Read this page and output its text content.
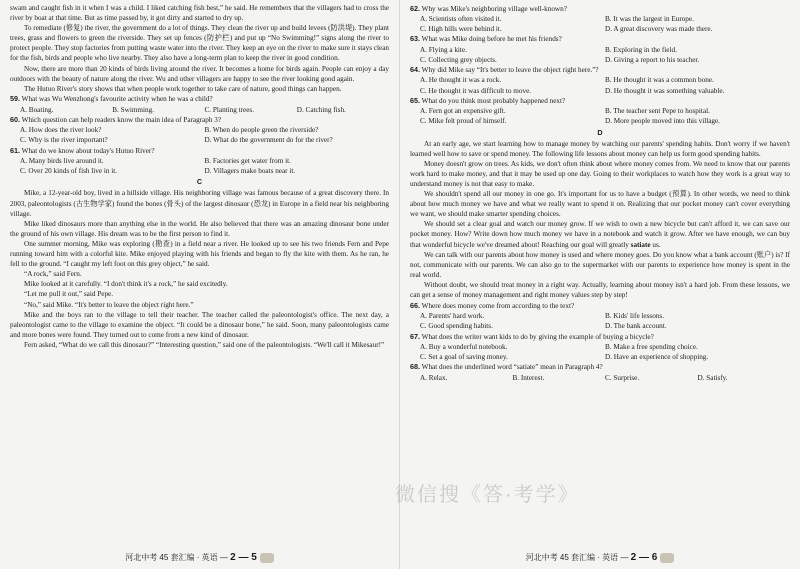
swam and caught fish in it when I was a child. I liked catching fish best,” he said. He remembers that the villagers had to cross the river by boat at that time. But as time passed by, it got dirty and started to dry up.

To remediate (修复) the river, the government do a lot of things. They clean the river up and build levees (防洪堤). They plant trees, grass and flowers to green the riverside. They set up fences (防护栏) and put up “No Swimming!” signs along the river to protect people. They stop factories from putting waste water into the river. They keep an eye on the river to make sure it stays clean for the fish, birds and people who live nearby. They also have a long-term plan to keep the river in good condition.

Now, there are more than 20 kinds of birds living around the river. It becomes a home for birds again. People can enjoy a day outdoors with the beauty of nature along the river. Wu and other villagers are happy to see the river looking good again.

The Hutuo River's story shows that when people work together to take care of nature, good things can happen.

59. What was Wu Wenzhong's favourite activity when he was a child?
A. Boating.	B. Swimming.	C. Planting trees.	D. Catching fish.
60. Which question can help readers know the main idea of Paragraph 3?
A. How does the river look?	B. When do people green the riverside?
C. Why is the river important?	D. What do the government do for the river?
61. What do we know about today's Hutuo River?
A. Many birds live around it.	B. Factories get water from it.
C. Over 20 kinds of fish live in it.	D. Villagers make boats near it.
C

Mike, a 12-year-old boy, lived in a hillside village. His neighboring village was famous because of a great discovery there. In 2003, paleontologists (古生物学家) found the bones (骨头) of the largest dinosaur (恐龙) in Europe in a field near his neighboring village.

Mike liked dinosaurs more than anything else in the world. He also believed that there was an amazing dinosaur bone under the ground of his own village. His dream was to be the first person to find it.

One summer morning, Mike was exploring (勘查) in a field near a river. He looked up to see his two friends Fern and Pepe running toward him with a colorful kite. Mike enjoyed playing with his friends and began to fly the kite with them. As he ran, he fell to the ground. “I caught my left foot on this grey object,” he said.

“A rock,” said Fern.

Mike looked at it carefully. “I don't think it's a rock,” he said excitedly.

“Let me pull it out,” said Pepe.

“No,” said Mike. “It's better to leave the object right here.”

Mike and the boys ran to the village to tell their teacher. The teacher called the paleontologist's office. The next day, a paleontologist came to the village to examine the object. “It could be a dinosaur bone,” he said. Soon, many paleontologists came and more bones were found. They turned out to come from a new kind of dinosaur.

Fern asked, “What do we call this dinosaur?” “Interesting question,” said one of the paleontologists. “We'll call it Mikesaur!”

河北中考 45 套汇编 · 英语 — 2 — 5
62. Why was Mike's neighboring village well-known?
A. Scientists often visited it.	B. It was the largest in Europe.
C. High hills were behind it.	D. A great discovery was made there.
63. What was Mike doing before he met his friends?
A. Flying a kite.	B. Exploring in the field.
C. Collecting grey objects.	D. Giving a report to his teacher.
64. Why did Mike say “It's better to leave the object right here.”?
A. He thought it was a rock.	B. He thought it was a common bone.
C. He thought it was difficult to move.	D. He thought it was something valuable.
65. What do you think most probably happened next?
A. Fern got an expensive gift.	B. The teacher sent Pepe to hospital.
C. Mike felt proud of himself.	D. More people moved into this village.
D

At an early age, we start learning how to manage money by watching our parents' spending habits. Don't worry if we haven't learned well how to save or spend money. The following life lessons about money can help us form good spending habits.

Money doesn't grow on trees. As kids, we don't often think about where money comes from. We need to know that our parents work hard to make money, and that it may be used up one day. Going to their workplaces to watch how they work is a great way to understand money is not that easy to make.

We shouldn't spend all our money in one go. It's important for us to have a budget (预算). In other words, we need to think about how much money we have and what we really want to spend it on. Realizing that our pocket money can't cover everything we want, we should make smarter spending choices.

We should set a clear goal and watch our money grow. If we wish to own a new bicycle but can't afford it, we can save our pocket money. How? Write down how much money we have in a notebook and watch it grow. After we have enough, we can buy that wonderful bicycle we've dreamed about! Reaching our goal will greatly satiate us.

We can talk with our parents about how money is used and where money goes. Do you know what a bank account (账户) is? If not, communicate with our parents. We can also go to the supermarket with our parents to experience how money is spent in the real world.

Without doubt, we should treat money in a right way. Actually, learning about money isn't a hard job. From these lessons, we can get a sense of money management and right money values step by step!

66. Where does money come from according to the text?
A. Parents' hard work.	B. Kids' life lessons.
C. Good spending habits.	D. The bank account.
67. What does the writer want kids to do by giving the example of buying a bicycle?
A. Buy a wonderful notebook.	B. Make a free spending choice.
C. Set a goal of saving money.	D. Have an experience of shopping.
68. What does the underlined word “satiate” mean in Paragraph 4?
A. Relax.	B. Interest.	C. Surprise.	D. Satisfy.
河北中考 45 套汇编 · 英语 — 2 — 6
微信搜《答·考学》
